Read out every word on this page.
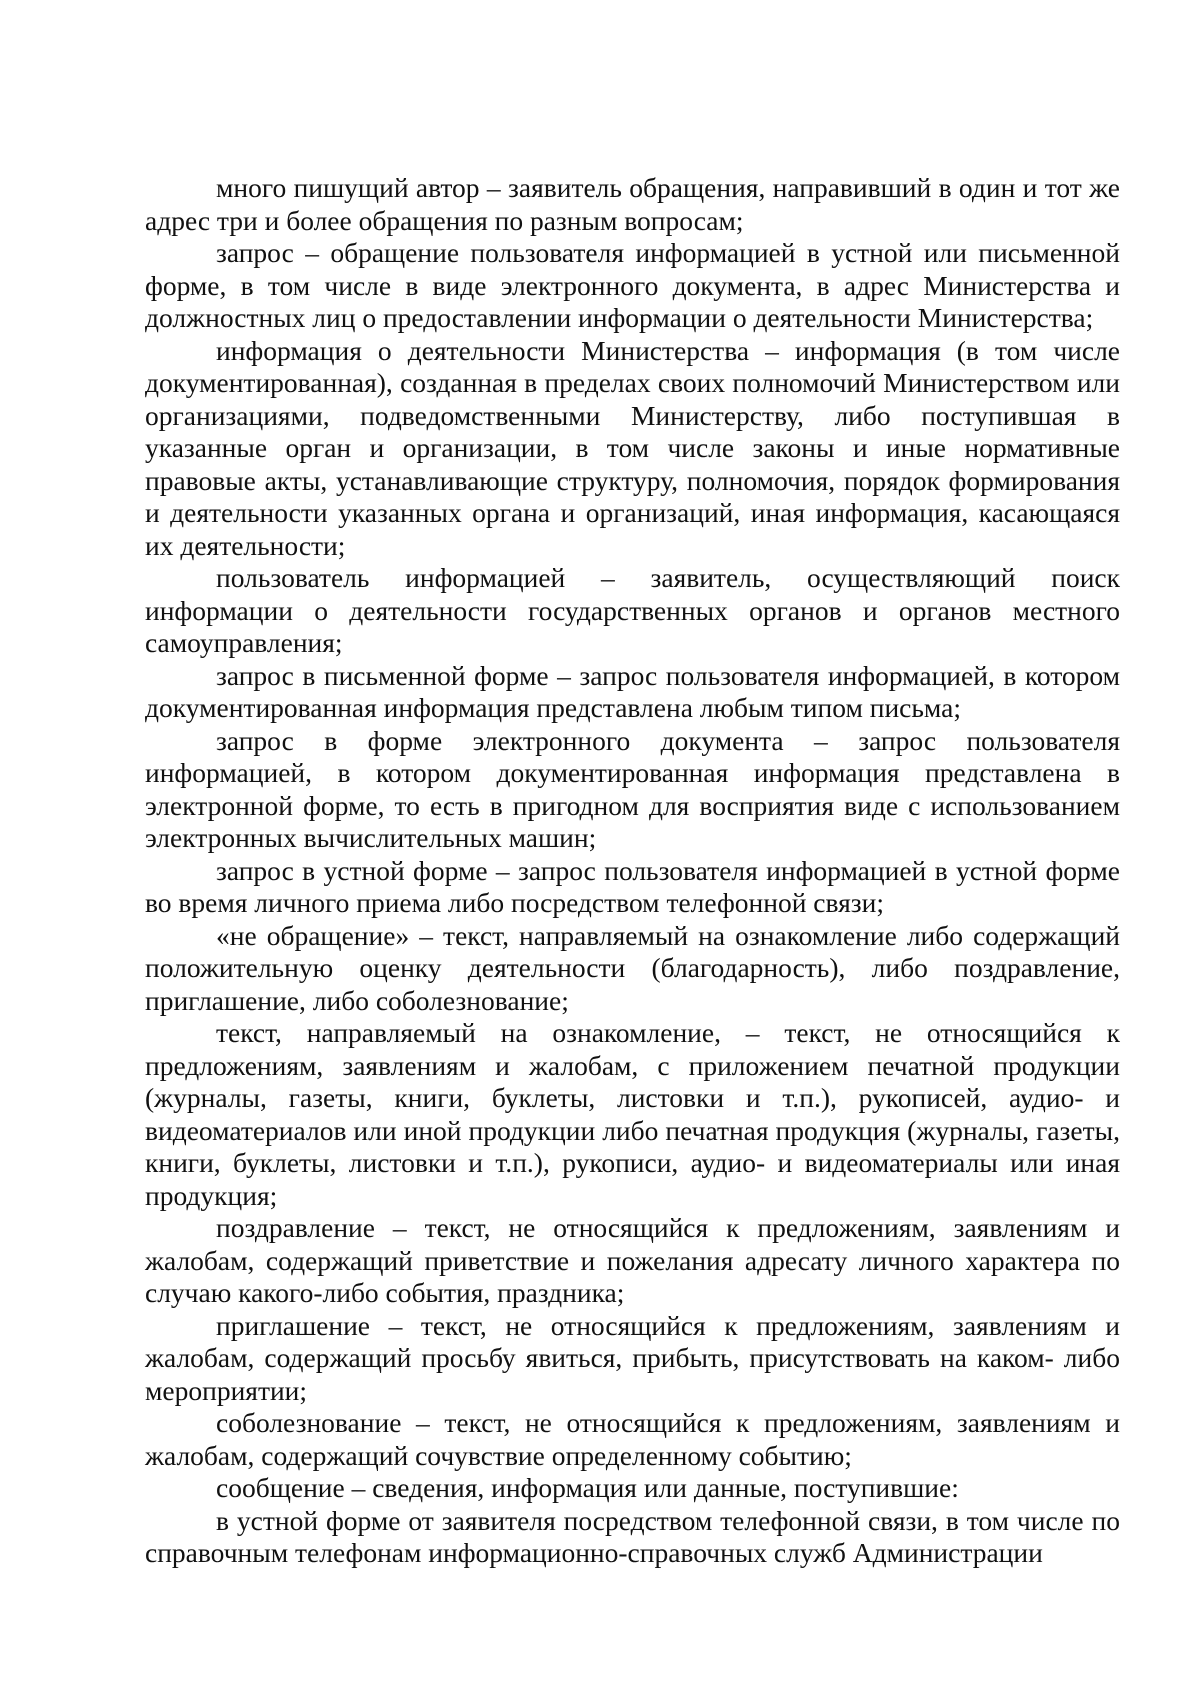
много пишущий автор – заявитель обращения, направивший в один и тот же адрес три и более обращения по разным вопросам;

запрос – обращение пользователя информацией в устной или письменной форме, в том числе в виде электронного документа, в адрес Министерства и должностных лиц о предоставлении информации о деятельности Министерства;

информация о деятельности Министерства – информация (в том числе документированная), созданная в пределах своих полномочий Министерством или организациями, подведомственными Министерству, либо поступившая в указанные орган и организации, в том числе законы и иные нормативные правовые акты, устанавливающие структуру, полномочия, порядок формирования и деятельности указанных органа и организаций, иная информация, касающаяся их деятельности;

пользователь информацией – заявитель, осуществляющий поиск информации о деятельности государственных органов и органов местного самоуправления;

запрос в письменной форме – запрос пользователя информацией, в котором документированная информация представлена любым типом письма;

запрос в форме электронного документа – запрос пользователя информацией, в котором документированная информация представлена в электронной форме, то есть в пригодном для восприятия виде с использованием электронных вычислительных машин;

запрос в устной форме – запрос пользователя информацией в устной форме во время личного приема либо посредством телефонной связи;

«не обращение» – текст, направляемый на ознакомление либо содержащий положительную оценку деятельности (благодарность), либо поздравление, приглашение, либо соболезнование;

текст, направляемый на ознакомление, – текст, не относящийся к предложениям, заявлениям и жалобам, с приложением печатной продукции (журналы, газеты, книги, буклеты, листовки и т.п.), рукописей, аудио- и видеоматериалов или иной продукции либо печатная продукция (журналы, газеты, книги, буклеты, листовки и т.п.), рукописи, аудио- и видеоматериалы или иная продукция;

поздравление – текст, не относящийся к предложениям, заявлениям и жалобам, содержащий приветствие и пожелания адресату личного характера по случаю какого-либо события, праздника;

приглашение – текст, не относящийся к предложениям, заявлениям и жалобам, содержащий просьбу явиться, прибыть, присутствовать на каком- либо мероприятии;

соболезнование – текст, не относящийся к предложениям, заявлениям и жалобам, содержащий сочувствие определенному событию;

сообщение – сведения, информация или данные, поступившие:

в устной форме от заявителя посредством телефонной связи, в том числе по справочным телефонам информационно-справочных служб Администрации
